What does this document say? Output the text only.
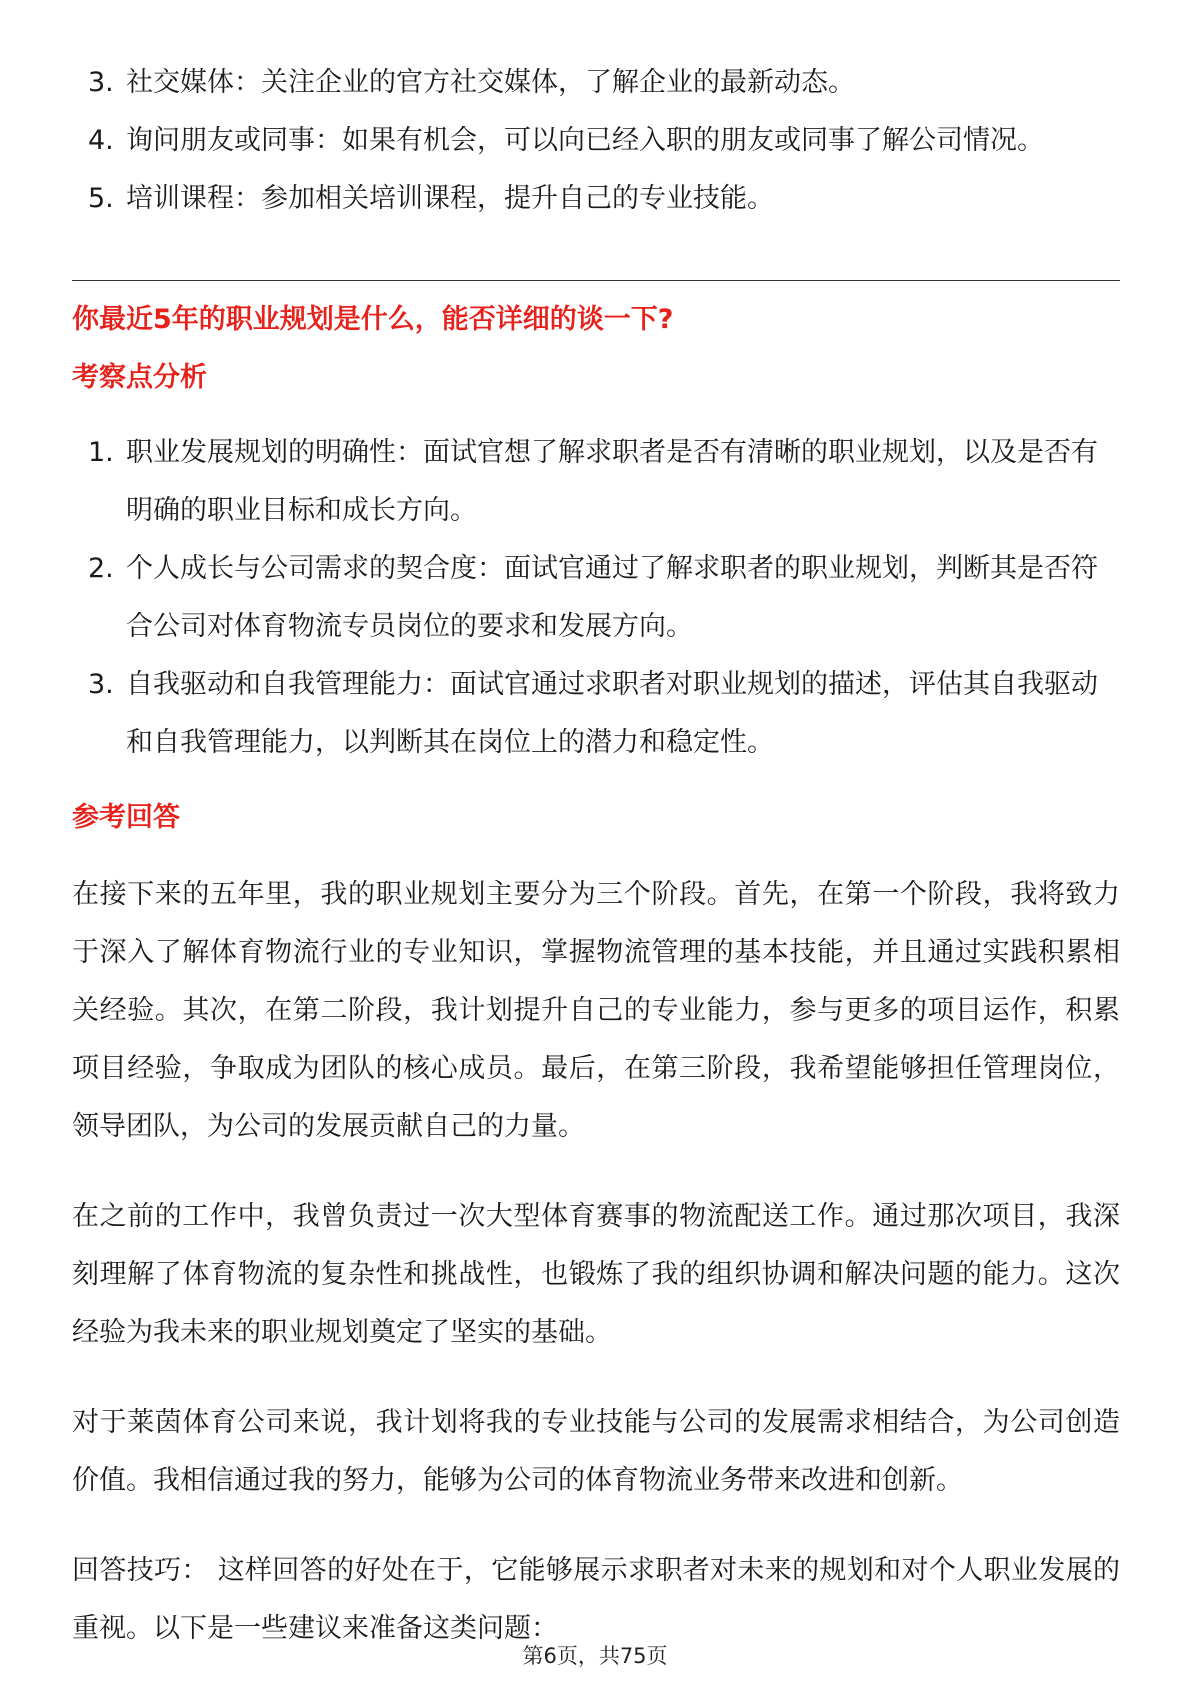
3. 社交媒体：关注企业的官方社交媒体，了解企业的最新动态。
4. 询问朋友或同事：如果有机会，可以向已经入职的朋友或同事了解公司情况。
5. 培训课程：参加相关培训课程，提升自己的专业技能。
你最近5年的职业规划是什么，能否详细的谈一下?
考察点分析
1. 职业发展规划的明确性：面试官想了解求职者是否有清晰的职业规划，以及是否有明确的职业目标和成长方向。
2. 个人成长与公司需求的契合度：面试官通过了解求职者的职业规划，判断其是否符合公司对体育物流专员岗位的要求和发展方向。
3. 自我驱动和自我管理能力：面试官通过求职者对职业规划的描述，评估其自我驱动和自我管理能力，以判断其在岗位上的潜力和稳定性。
参考回答

在接下来的五年里，我的职业规划主要分为三个阶段。首先，在第一个阶段，我将致力于深入了解体育物流行业的专业知识，掌握物流管理的基本技能，并且通过实践积累相关经验。其次，在第二阶段，我计划提升自己的专业能力，参与更多的项目运作，积累项目经验，争取成为团队的核心成员。最后，在第三阶段，我希望能够担任管理岗位，领导团队，为公司的发展贡献自己的力量。

在之前的工作中，我曾负责过一次大型体育赛事的物流配送工作。通过那次项目，我深刻理解了体育物流的复杂性和挑战性，也锻炼了我的组织协调和解决问题的能力。这次经验为我未来的职业规划奠定了坚实的基础。

对于莱茵体育公司来说，我计划将我的专业技能与公司的发展需求相结合，为公司创造价值。我相信通过我的努力，能够为公司的体育物流业务带来改进和创新。

回答技巧： 这样回答的好处在于，它能够展示求职者对未来的规划和对个人职业发展的重视。以下是一些建议来准备这类问题：

第6页，共75页
